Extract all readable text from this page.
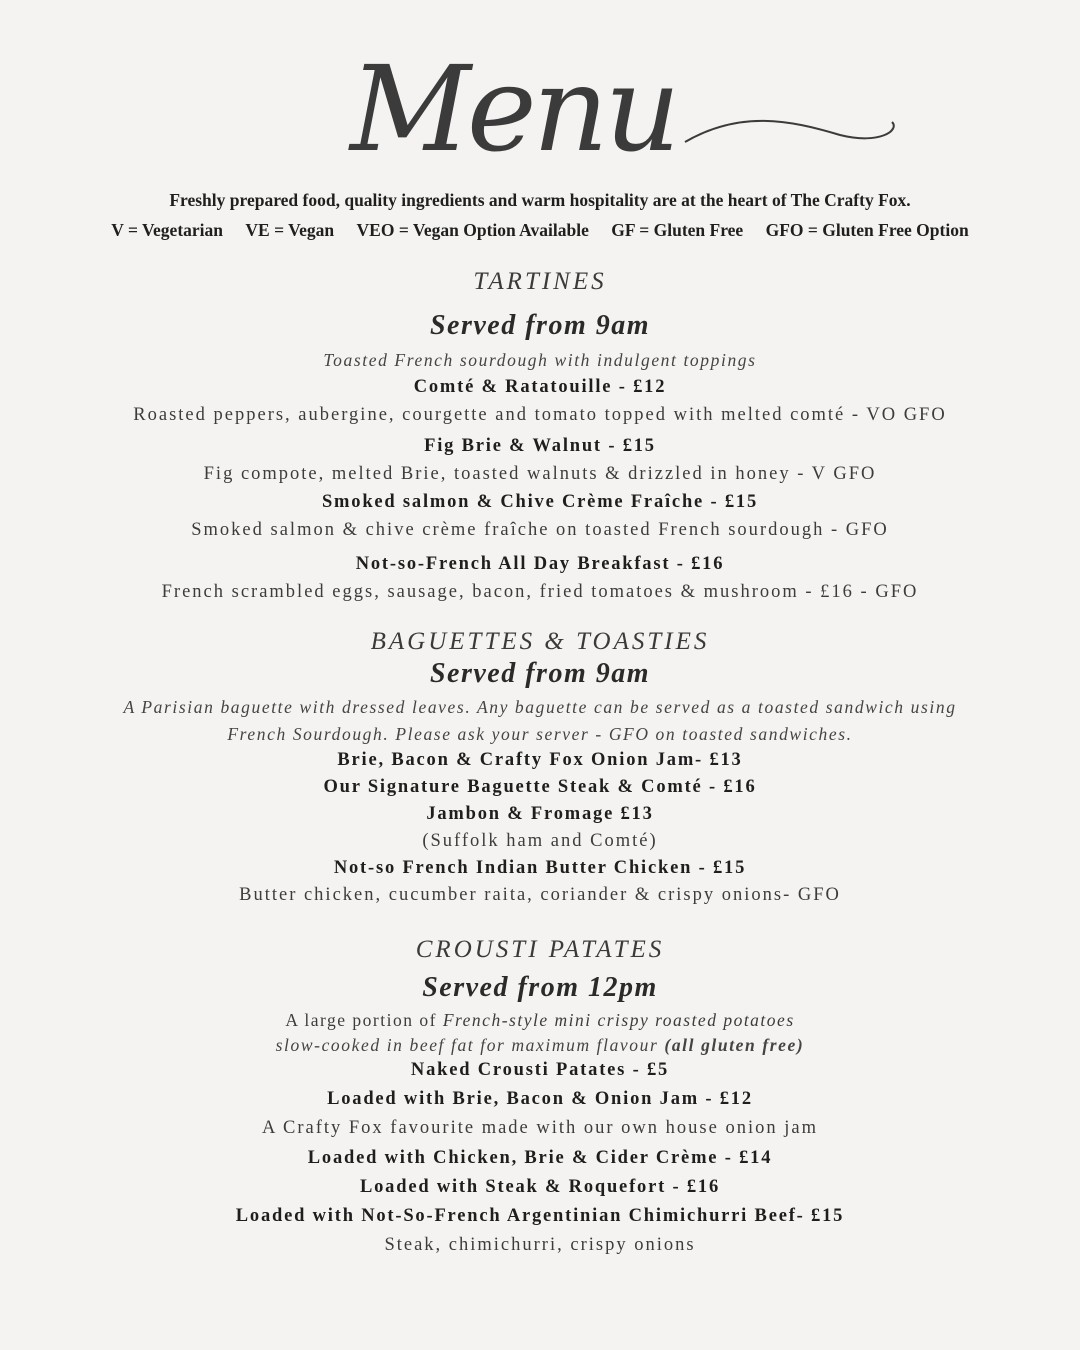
Menu

Freshly prepared food, quality ingredients and warm hospitality are at the heart of The Crafty Fox.

V = Vegetarian VE = Vegan VEO = Vegan Option Available GF = Gluten Free GFO = Gluten Free Option

TARTINES

Served from 9am

Toasted French sourdough with indulgent toppings

Comté & Ratatouille - £12

Roasted peppers, aubergine, courgette and tomato topped with melted comté - VO GFO

Fig Brie & Walnut - £15

Fig compote, melted Brie, toasted walnuts & drizzled in honey - V GFO

Smoked salmon & Chive Crème Fraîche - £15

Smoked salmon & chive crème fraîche on toasted French sourdough - GFO

Not-so-French All Day Breakfast - £16

French scrambled eggs, sausage, bacon, fried tomatoes & mushroom - £16 - GFO

BAGUETTES & TOASTIES

Served from 9am

A Parisian baguette with dressed leaves. Any baguette can be served as a toasted sandwich using

French Sourdough. Please ask your server - GFO on toasted sandwiches.

Brie, Bacon & Crafty Fox Onion Jam- £13

Our Signature Baguette Steak & Comté - £16

Jambon & Fromage £13

(Suffolk ham and Comté)

Not-so French Indian Butter Chicken - £15

Butter chicken, cucumber raita, coriander & crispy onions- GFO

CROUSTI PATATES

Served from 12pm

A large portion of French-style mini crispy roasted potatoes

slow-cooked in beef fat for maximum flavour (all gluten free)

Naked Crousti Patates - £5

Loaded with Brie, Bacon & Onion Jam - £12

A Crafty Fox favourite made with our own house onion jam

Loaded with Chicken, Brie & Cider Crème - £14

Loaded with Steak & Roquefort - £16

Loaded with Not-So-French Argentinian Chimichurri Beef- £15

Steak, chimichurri, crispy onions
